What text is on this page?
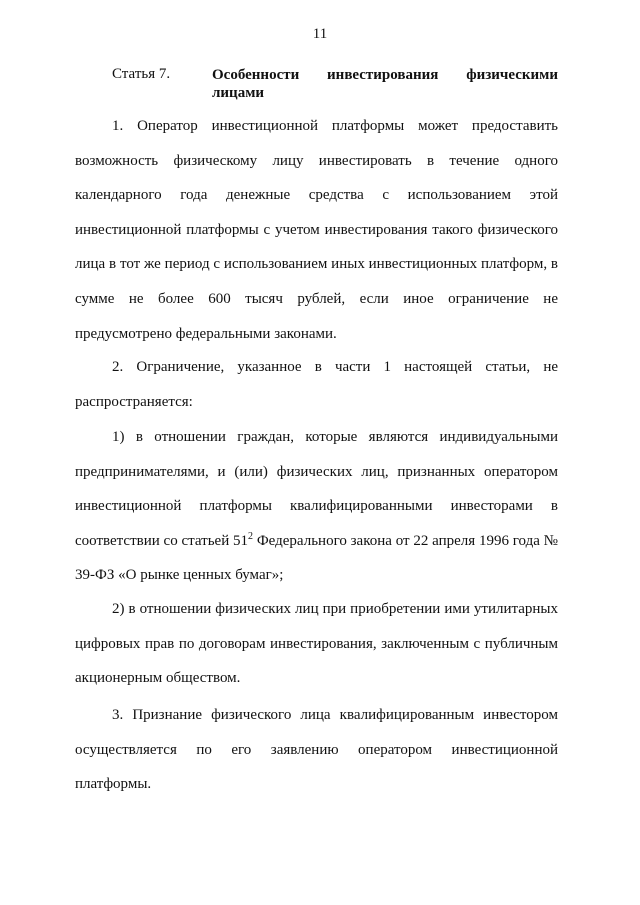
11
Статья 7.	Особенности инвестирования физическими лицами

1. Оператор инвестиционной платформы может предоставить возможность физическому лицу инвестировать в течение одного календарного года денежные средства с использованием этой инвестиционной платформы с учетом инвестирования такого физического лица в тот же период с использованием иных инвестиционных платформ, в сумме не более 600 тысяч рублей, если иное ограничение не предусмотрено федеральными законами.

2. Ограничение, указанное в части 1 настоящей статьи, не распространяется:

1) в отношении граждан, которые являются индивидуальными предпринимателями, и (или) физических лиц, признанных оператором инвестиционной платформы квалифицированными инвесторами в соответствии со статьей $51^2$ Федерального закона от 22 апреля 1996 года № 39-ФЗ «О рынке ценных бумаг»;

2) в отношении физических лиц при приобретении ими утилитарных цифровых прав по договорам инвестирования, заключенным с публичным акционерным обществом.

3. Признание физического лица квалифицированным инвестором осуществляется по его заявлению оператором инвестиционной платформы.
